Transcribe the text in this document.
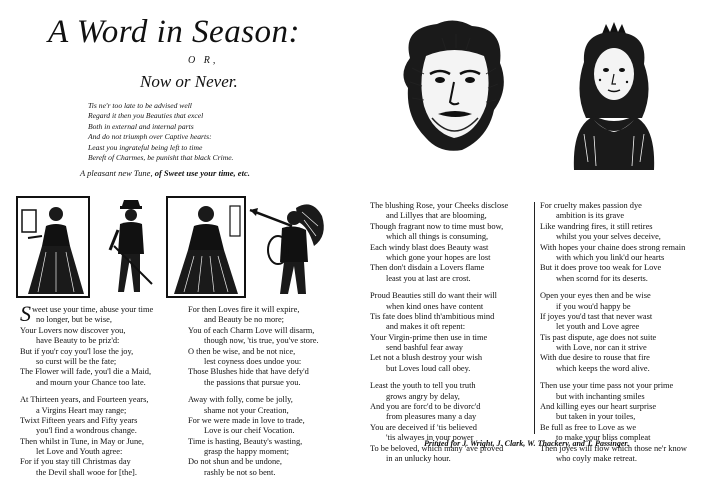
A Word in Season:
O R,
Now or Never.
Tis ne'r too late to be advised well
Regard it then you Beauties that excel
Both in external and internal parts
And do not triumph over Captive hearts:
Least you ingrateful being left to time
Bereft of Charmes, be punisht that black Crime.
A pleasant new Tune, of Sweet use your time, etc.
Sweet use your time, abuse your time
no longer, but be wise,
Your Lovers now discover you,
have Beauty to be priz'd:
But if you'r coy you'l lose the joy,
so curst will be the fate;
The Flower will fade, you'l die a Maid,
and mourn your Chance too late.
At Thirteen years, and Fourteen years,
a Virgins Heart may range;
Twixt Fifteen years and Fifty years
you'l find a wondrous change.
Then whilst in Tune, in May or June,
let Love and Youth agree:
For if you stay till Christmas day
the Devil shall wooe for [the].
For then Loves fire it will expire,
and Beauty be no more;
You of each Charm Love will disarm,
though now, 'tis true, you've store.
O then be wise, and be not nice,
lest coyness does undoe you:
Those Blushes hide that have defy'd
the passions that pursue you.
Away with folly, come be jolly,
shame not your Creation,
For we were made in love to trade,
Love is our cheif Vocation.
Time is hasting, Beauty's wasting,
grasp the happy moment;
Do not shun and be undone,
rashly be not so bent.
The blushing Rose, your Cheeks disclose
and Lillyes that are blooming,
Though fragrant now to time must bow,
which all things is consuming,
Each windy blast does Beauty wast
which gone your hopes are lost
Then don't disdain a Lovers flame
least you at last are crost.
Proud Beauties still do want their will
when kind ones have content
Tis fate does blind th'ambitious mind
and makes it oft repent:
Your Virgin-prime then use in time
send bashful fear away
Let not a blush destroy your wish
but Loves loud call obey.
Least the youth to tell you truth
grows angry by delay,
And you are forc'd to be divorc'd
from pleasures many a day
You are deceived if 'tis believed
'tis alwayes in your power
To be beloved, which many 'ave proved
in an unlucky hour.
For cruelty makes passion dye
ambition is its grave
Like wandring fires, it still retires
whilst you your selves deceive,
With hopes your chaine does strong remain
with which you link'd our hearts
But it does prove too weak for Love
when scornd for its deserts.
Open your eyes then and be wise
if you wou'd happy be
If joyes you'd tast that never wast
let youth and Love agree
Tis past dispute, age does not suite
with Love, nor can it strive
With due desire to rouse that fire
which keeps the word alive.
Then use your time pass not your prime
but with inchanting smiles
And killing eyes our heart surprise
but taken in your toiles,
Be full as free to Love as we
to make your bliss compleat
Then joyes will flow which those ne'r know
who coyly make retreat.
Printed for J. Wright, J. Clark, W. Thackery, and T. Passinger.
